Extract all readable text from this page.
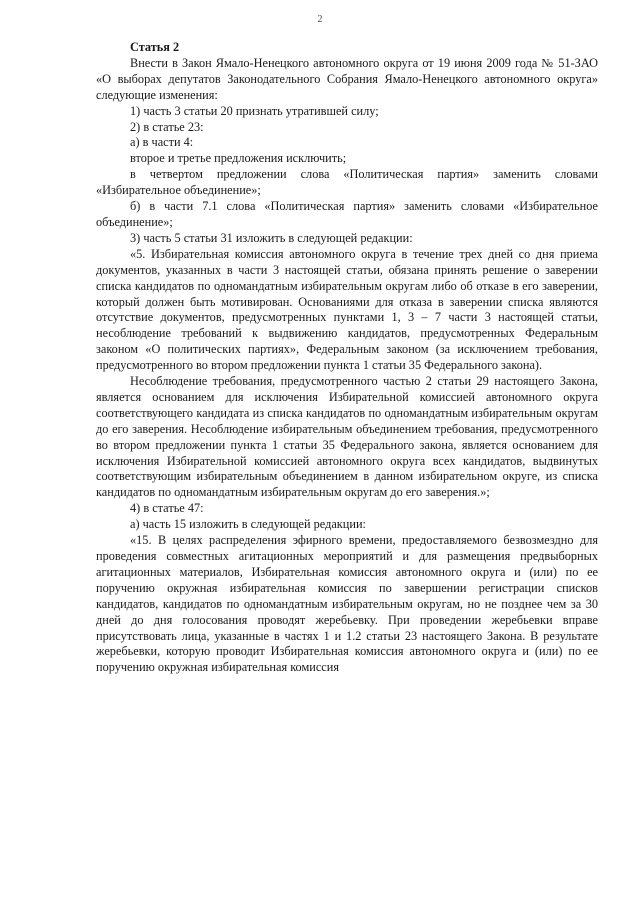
2

Статья 2

Внести в Закон Ямало-Ненецкого автономного округа от 19 июня 2009 года № 51-ЗАО «О выборах депутатов Законодательного Собрания Ямало-Ненецкого автономного округа» следующие изменения:

1) часть 3 статьи 20 признать утратившей силу;

2) в статье 23:

а) в части 4:

второе и третье предложения исключить;

в четвертом предложении слова «Политическая партия» заменить словами «Избирательное объединение»;

б) в части 7.1 слова «Политическая партия» заменить словами «Избирательное объединение»;

3) часть 5 статьи 31 изложить в следующей редакции:

«5. Избирательная комиссия автономного округа в течение трех дней со дня приема документов, указанных в части 3 настоящей статьи, обязана принять решение о заверении списка кандидатов по одномандатным избирательным округам либо об отказе в его заверении, который должен быть мотивирован. Основаниями для отказа в заверении списка являются отсутствие документов, предусмотренных пунктами 1, 3 – 7 части 3 настоящей статьи, несоблюдение требований к выдвижению кандидатов, предусмотренных Федеральным законом «О политических партиях», Федеральным законом (за исключением требования, предусмотренного во втором предложении пункта 1 статьи 35 Федерального закона).

Несоблюдение требования, предусмотренного частью 2 статьи 29 настоящего Закона, является основанием для исключения Избирательной комиссией автономного округа соответствующего кандидата из списка кандидатов по одномандатным избирательным округам до его заверения. Несоблюдение избирательным объединением требования, предусмотренного во втором предложении пункта 1 статьи 35 Федерального закона, является основанием для исключения Избирательной комиссией автономного округа всех кандидатов, выдвинутых соответствующим избирательным объединением в данном избирательном округе, из списка кандидатов по одномандатным избирательным округам до его заверения.»;

4) в статье 47:

а) часть 15 изложить в следующей редакции:

«15. В целях распределения эфирного времени, предоставляемого безвозмездно для проведения совместных агитационных мероприятий и для размещения предвыборных агитационных материалов, Избирательная комиссия автономного округа и (или) по ее поручению окружная избирательная комиссия по завершении регистрации списков кандидатов, кандидатов по одномандатным избирательным округам, но не позднее чем за 30 дней до дня голосования проводят жеребьевку. При проведении жеребьевки вправе присутствовать лица, указанные в частях 1 и 1.2 статьи 23 настоящего Закона. В результате жеребьевки, которую проводит Избирательная комиссия автономного округа и (или) по ее поручению окружная избирательная комиссия
